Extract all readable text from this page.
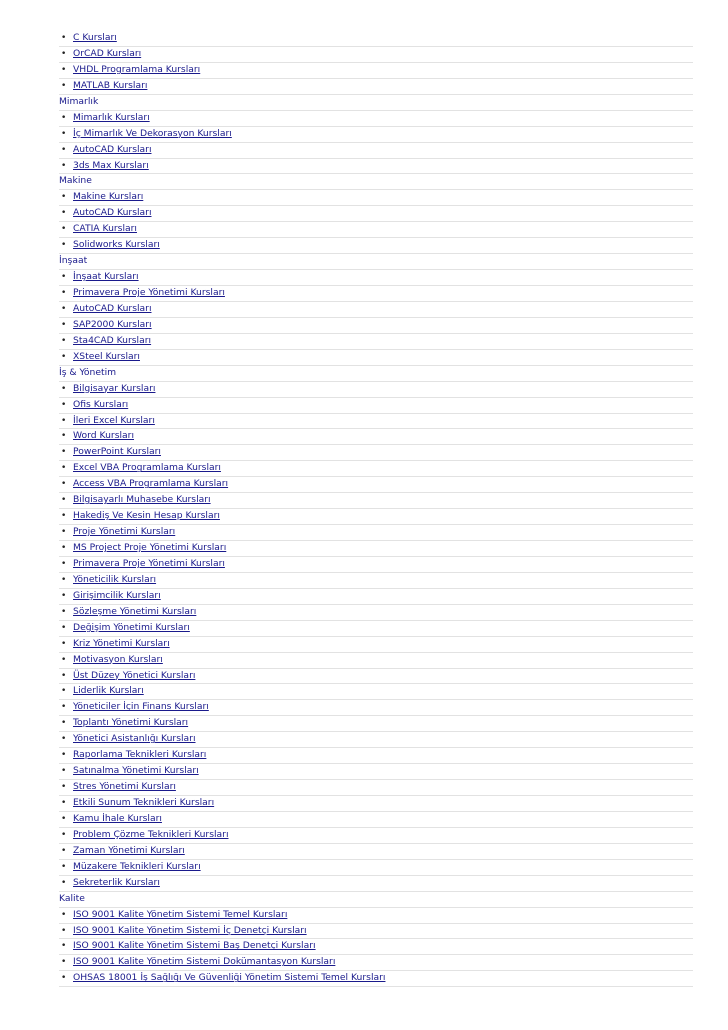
• C Kursları
• OrCAD Kursları
• VHDL Programlama Kursları
• MATLAB Kursları
Mimarlık
• Mimarlık Kursları
• İç Mimarlık Ve Dekorasyon Kursları
• AutoCAD Kursları
• 3ds Max Kursları
Makine
• Makine Kursları
• AutoCAD Kursları
• CATIA Kursları
• Solidworks Kursları
İnşaat
• İnşaat Kursları
• Primavera Proje Yönetimi Kursları
• AutoCAD Kursları
• SAP2000 Kursları
• Sta4CAD Kursları
• XSteel Kursları
İş & Yönetim
• Bilgisayar Kursları
• Ofis Kursları
• İleri Excel Kursları
• Word Kursları
• PowerPoint Kursları
• Excel VBA Programlama Kursları
• Access VBA Programlama Kursları
• Bilgisayarlı Muhasebe Kursları
• Hakediş Ve Kesin Hesap Kursları
• Proje Yönetimi Kursları
• MS Project Proje Yönetimi Kursları
• Primavera Proje Yönetimi Kursları
• Yöneticilik Kursları
• Girişimcilik Kursları
• Sözleşme Yönetimi Kursları
• Değişim Yönetimi Kursları
• Kriz Yönetimi Kursları
• Motivasyon Kursları
• Üst Düzey Yönetici Kursları
• Liderlik Kursları
• Yöneticiler İçin Finans Kursları
• Toplantı Yönetimi Kursları
• Yönetici Asistanlığı Kursları
• Raporlama Teknikleri Kursları
• Satınalma Yönetimi Kursları
• Stres Yönetimi Kursları
• Etkili Sunum Teknikleri Kursları
• Kamu İhale Kursları
• Problem Çözme Teknikleri Kursları
• Zaman Yönetimi Kursları
• Müzakere Teknikleri Kursları
• Sekreterlik Kursları
Kalite
• ISO 9001 Kalite Yönetim Sistemi Temel Kursları
• ISO 9001 Kalite Yönetim Sistemi İç Denetçi Kursları
• ISO 9001 Kalite Yönetim Sistemi Baş Denetçi Kursları
• ISO 9001 Kalite Yönetim Sistemi Dokümantasyon Kursları
• OHSAS 18001 İş Sağlığı Ve Güvenliği Yönetim Sistemi Temel Kursları
